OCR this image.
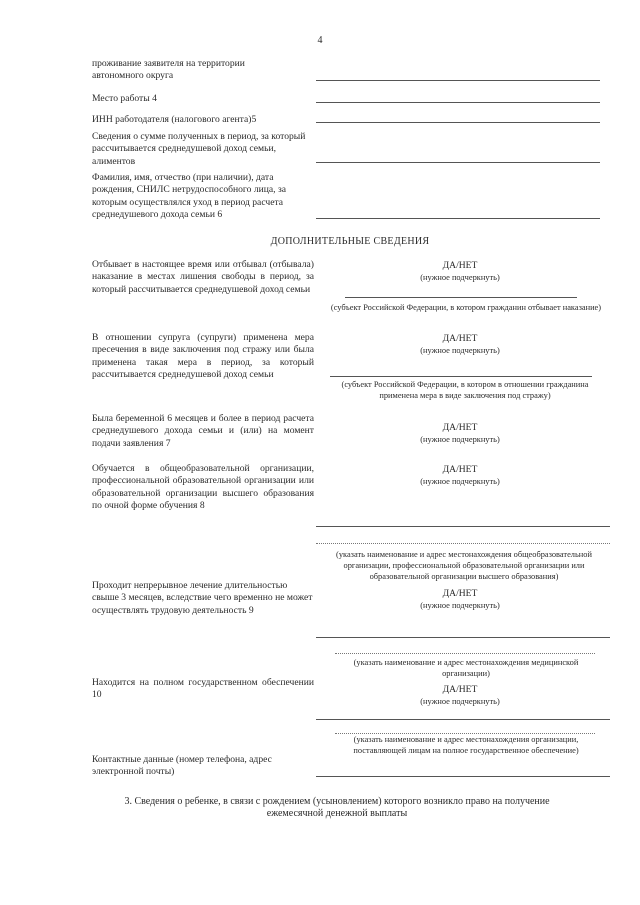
4
проживание заявителя на территории автономного округа
Место работы 4
ИНН работодателя (налогового агента)5
Сведения о сумме полученных в период, за который рассчитывается среднедушевой доход семьи, алиментов
Фамилия, имя, отчество (при наличии), дата рождения, СНИЛС нетрудоспособного лица, за которым осуществлялся уход в период расчета среднедушевого дохода семьи 6
ДОПОЛНИТЕЛЬНЫЕ СВЕДЕНИЯ
Отбывает в настоящее время или отбывал (отбывала) наказание в местах лишения свободы в период, за который рассчитывается среднедушевой доход семьи
ДА/НЕТ
(нужное подчеркнуть)
(субъект Российской Федерации, в котором гражданин отбывает наказание)
В отношении супруга (супруги) применена мера пресечения в виде заключения под стражу или была применена такая мера в период, за который рассчитывается среднедушевой доход семьи
ДА/НЕТ
(нужное подчеркнуть)
(субъект Российской Федерации, в котором в отношении гражданина применена мера в виде заключения под стражу)
Была беременной 6 месяцев и более в период расчета среднедушевого дохода семьи и (или) на момент подачи заявления 7
ДА/НЕТ
(нужное подчеркнуть)
Обучается в общеобразовательной организации, профессиональной образовательной организации или образовательной организации высшего образования по очной форме обучения 8
ДА/НЕТ
(нужное подчеркнуть)
(указать наименование и адрес местонахождения общеобразовательной организации, профессиональной образовательной организации или образовательной организации высшего образования)
Проходит непрерывное лечение длительностью свыше 3 месяцев, вследствие чего временно не может осуществлять трудовую деятельность 9
ДА/НЕТ
(нужное подчеркнуть)
(указать наименование и адрес местонахождения медицинской организации)
Находится на полном государственном обеспечении 10	ДА/НЕТ
(нужное подчеркнуть)
(указать наименование и адрес местонахождения организации, поставляющей лицам на полное государственное обеспечение)
Контактные данные (номер телефона, адрес электронной почты)
3. Сведения о ребенке, в связи с рождением (усыновлением) которого возникло право на получение ежемесячной денежной выплаты
